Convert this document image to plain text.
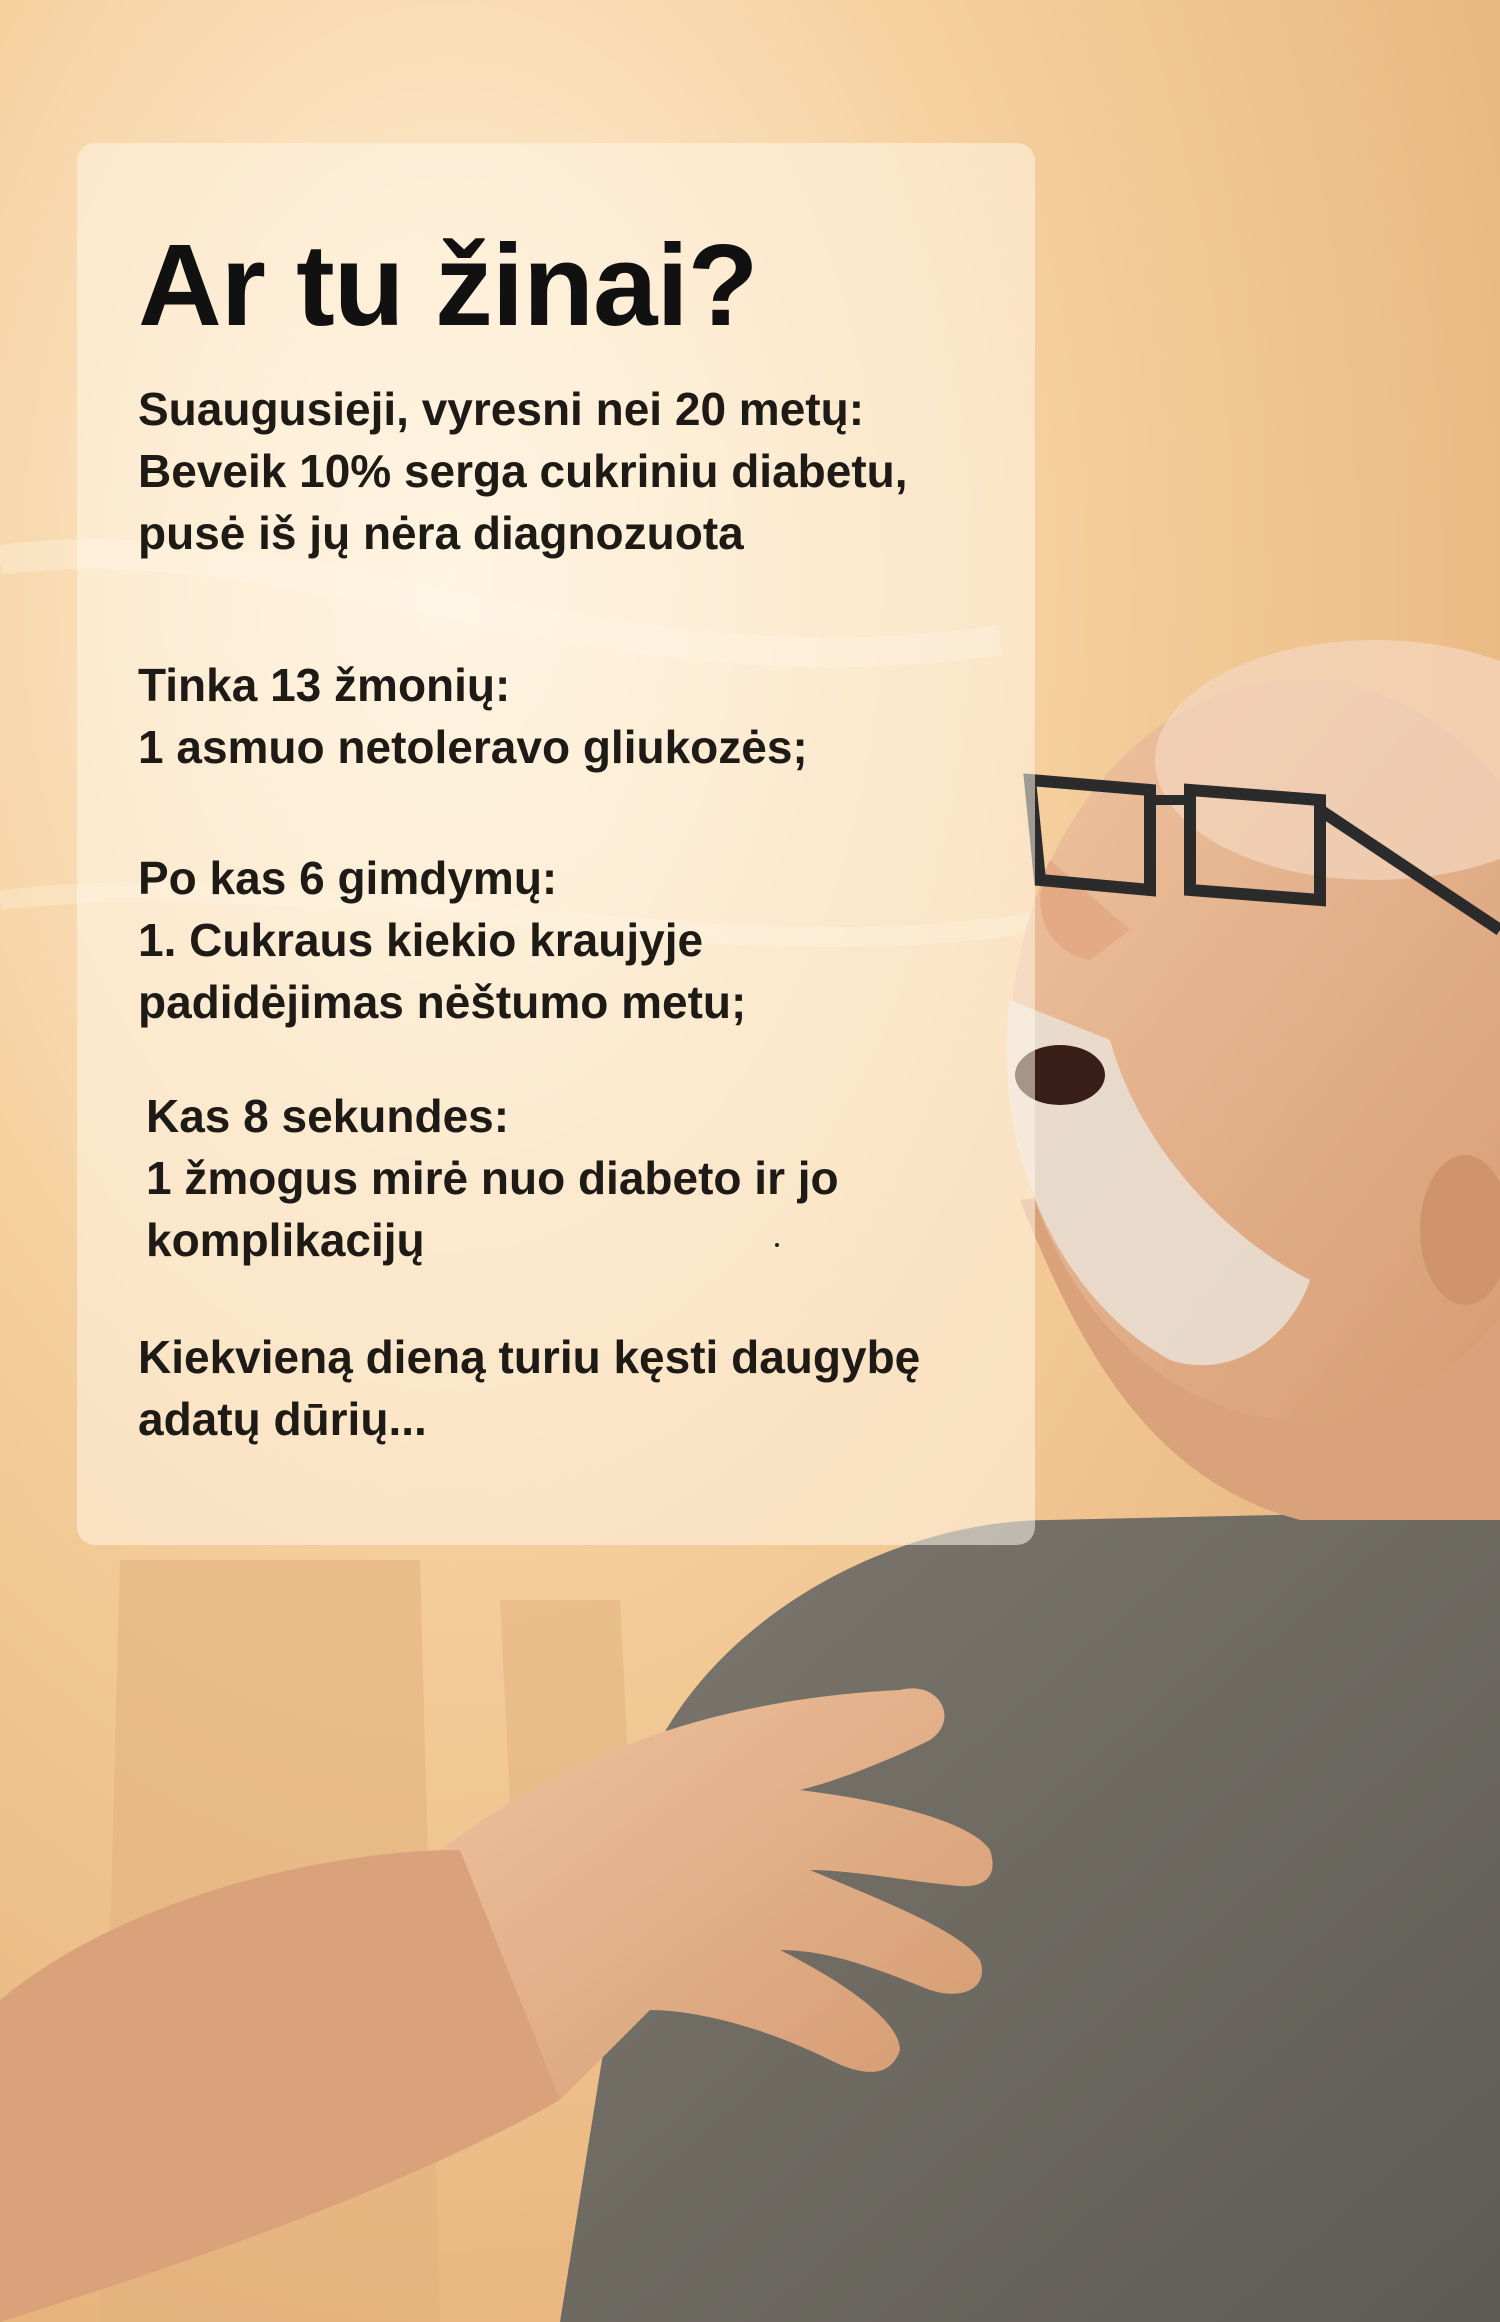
Ar tu žinai?

Suaugusieji, vyresni nei 20 metų:

Beveik 10% serga cukriniu diabetu,

pusė iš jų nėra diagnozuota

Tinka 13 žmonių:

1 asmuo netoleravo gliukozės;

Po kas 6 gimdymų:

1. Cukraus kiekio kraujyje

padidėjimas nėštumo metu;

Kas 8 sekundes:

1 žmogus mirė nuo diabeto ir jo

komplikacijų

Kiekvieną dieną turiu kęsti daugybę

adatų dūrių...
